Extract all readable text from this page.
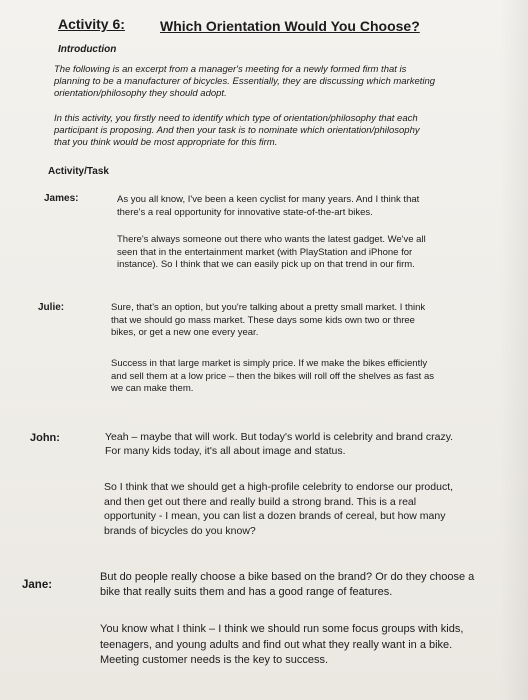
Activity 6:	Which Orientation Would You Choose?
Introduction
The following is an excerpt from a manager's meeting for a newly formed firm that is
planning to be a manufacturer of bicycles. Essentially, they are discussing which marketing
orientation/philosophy they should adopt.
In this activity, you firstly need to identify which type of orientation/philosophy that each
participant is proposing. And then your task is to nominate which orientation/philosophy
that you think would be most appropriate for this firm.
Activity/Task
James:	As you all know, I've been a keen cyclist for many years. And I think that
there's a real opportunity for innovative state-of-the-art bikes.
There's always someone out there who wants the latest gadget. We've all
seen that in the entertainment market (with PlayStation and iPhone for
instance). So I think that we can easily pick up on that trend in our firm.
Julie:	Sure, that's an option, but you're talking about a pretty small market. I think
that we should go mass market. These days some kids own two or three
bikes, or get a new one every year.
Success in that large market is simply price. If we make the bikes efficiently
and sell them at a low price – then the bikes will roll off the shelves as fast as
we can make them.
John:	Yeah – maybe that will work. But today's world is celebrity and brand crazy.
For many kids today, it's all about image and status.
So I think that we should get a high-profile celebrity to endorse our product,
and then get out there and really build a strong brand. This is a real
opportunity - I mean, you can list a dozen brands of cereal, but how many
brands of bicycles do you know?
Jane:
But do people really choose a bike based on the brand? Or do they choose a
bike that really suits them and has a good range of features.
You know what I think – I think we should run some focus groups with kids,
teenagers, and young adults and find out what they really want in a bike.
Meeting customer needs is the key to success.
